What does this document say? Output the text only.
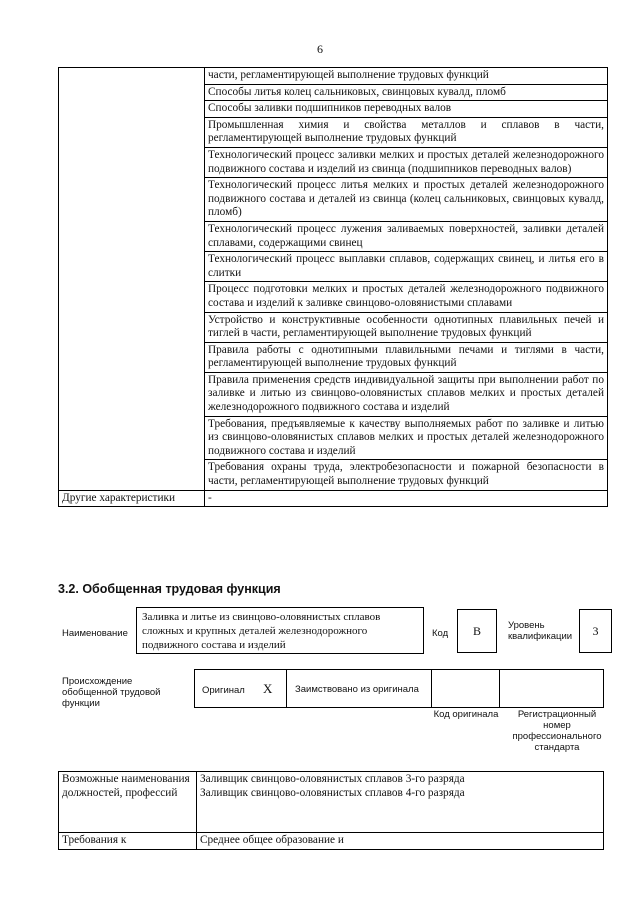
6
	части, регламентирующей выполнение трудовых функций
	Способы литья колец сальниковых, свинцовых кувалд, пломб
	Способы заливки подшипников переводных валов
	Промышленная химия и свойства металлов и сплавов в части, регламентирующей выполнение трудовых функций
	Технологический процесс заливки мелких и простых деталей железнодорожного подвижного состава и изделий из свинца (подшипников переводных валов)
	Технологический процесс литья мелких и простых деталей железнодорожного подвижного состава и деталей из свинца (колец сальниковых, свинцовых кувалд, пломб)
	Технологический процесс лужения заливаемых поверхностей, заливки деталей сплавами, содержащими свинец
	Технологический процесс выплавки сплавов, содержащих свинец, и литья его в слитки
	Процесс подготовки мелких и простых деталей железнодорожного подвижного состава и изделий к заливке свинцово-оловянистыми сплавами
	Устройство и конструктивные особенности однотипных плавильных печей и тиглей в части, регламентирующей выполнение трудовых функций
	Правила работы с однотипными плавильными печами и тиглями в части, регламентирующей выполнение трудовых функций
	Правила применения средств индивидуальной защиты при выполнении работ по заливке и литью из свинцово-оловянистых сплавов мелких и простых деталей железнодорожного подвижного состава и изделий
	Требования, предъявляемые к качеству выполняемых работ по заливке и литью из свинцово-оловянистых сплавов мелких и простых деталей железнодорожного подвижного состава и изделий
	Требования охраны труда, электробезопасности и пожарной безопасности в части, регламентирующей выполнение трудовых функций
Другие характеристики	-
3.2. Обобщенная трудовая функция
Наименование
Заливка и литье из свинцово-оловянистых сплавов сложных и крупных деталей железнодорожного подвижного состава и изделий
Код	В	Уровень квалификации	3
Происхождение обобщенной трудовой функции
Оригинал X Заимствовано из оригинала
Код оригинала	Регистрационный номер профессионального стандарта
Возможные наименования должностей, профессий	Заливщик свинцово-оловянистых сплавов 3-го разряда
Заливщик свинцово-оловянистых сплавов 4-го разряда

Требования к	Среднее общее образование и
